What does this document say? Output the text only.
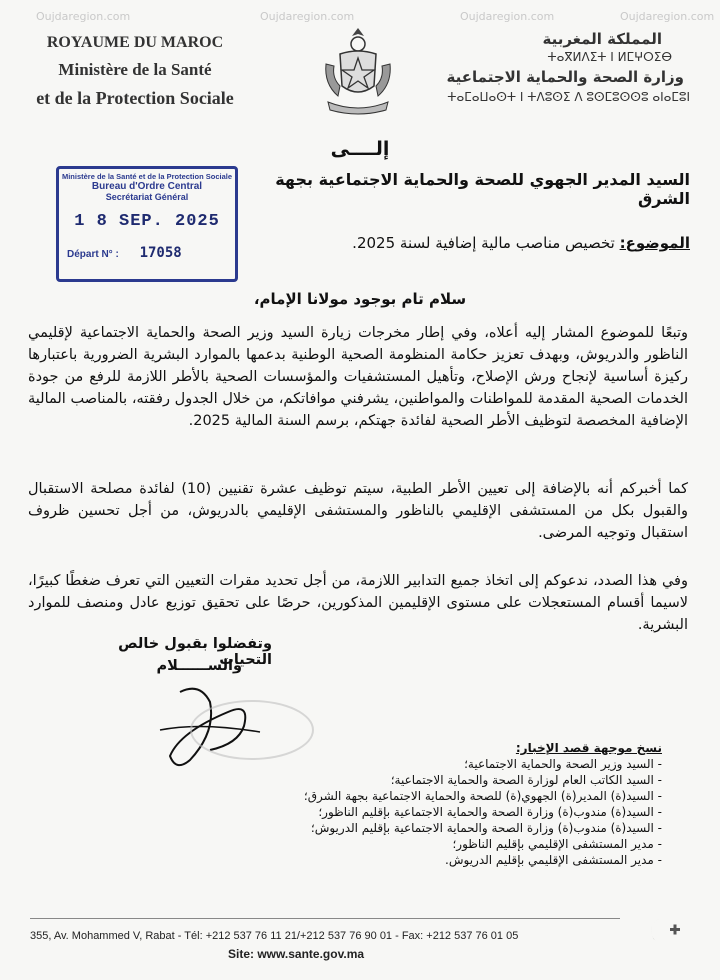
Oujdaregion.com	Oujdaregion.com	Oujdaregion.com	Oujdaregion.com
ROYAUME DU MAROC
Ministère de la Santé
et de la Protection Sociale
المملكة المغربية
ⵜⴰⴳⵍⴷⵉⵜ ⵏ ⵍⵎⵖⵔⵉⴱ
وزارة الصحة والحماية الاجتماعية
ⵜⴰⵎⴰⵡⴰⵙⵜ ⵏ ⵜⴷⵓⵙⵉ ⴷ ⵓⵙⵎⵓⵙⵙⵓ ⴰⵏⴰⵎⵓⵏ
إلــــى
السيد المدير الجهوي للصحة والحماية الاجتماعية بجهة الشرق
Ministère de la Santé et de la Protection Sociale
Bureau d'Ordre Central
Secrétariat Général
1 8 SEP. 2025
Départ N° : 17058
الموضوع: تخصيص مناصب مالية إضافية لسنة 2025.
سلام تام بوجود مولانا الإمام،
وتبعًا للموضوع المشار إليه أعلاه، وفي إطار مخرجات زيارة السيد وزير الصحة والحماية الاجتماعية لإقليمي الناظور والدريوش، وبهدف تعزيز حكامة المنظومة الصحية الوطنية بدعمها بالموارد البشرية الضرورية باعتبارها ركيزة أساسية لإنجاح ورش الإصلاح، وتأهيل المستشفيات والمؤسسات الصحية بالأطر اللازمة للرفع من جودة الخدمات الصحية المقدمة للمواطنات والمواطنين، يشرفني موافاتكم، من خلال الجدول رفقته، بالمناصب المالية الإضافية المخصصة لتوظيف الأطر الصحية لفائدة جهتكم، برسم السنة المالية 2025.
كما أخبركم أنه بالإضافة إلى تعيين الأطر الطبية، سيتم توظيف عشرة تقنيين (10) لفائدة مصلحة الاستقبال والقبول بكل من المستشفى الإقليمي بالناظور والمستشفى الإقليمي بالدريوش، من أجل تحسين ظروف استقبال وتوجيه المرضى.
وفي هذا الصدد، ندعوكم إلى اتخاذ جميع التدابير اللازمة، من أجل تحديد مقرات التعيين التي تعرف ضغطًا كبيرًا، لاسيما أقسام المستعجلات على مستوى الإقليمين المذكورين، حرصًا على تحقيق توزيع عادل ومنصف للموارد البشرية.
وتفضلوا بقبول خالص التحيات
والســــــلام
نسخ موجهة قصد الإخبار:
- السيد وزير الصحة والحماية الاجتماعية؛
- السيد الكاتب العام لوزارة الصحة والحماية الاجتماعية؛
- السيد(ة) المدير(ة) الجهوي(ة) للصحة والحماية الاجتماعية بجهة الشرق؛
- السيد(ة) مندوب(ة) وزارة الصحة والحماية الاجتماعية بإقليم الناظور؛
- السيد(ة) مندوب(ة) وزارة الصحة والحماية الاجتماعية بإقليم الدريوش؛
- مدير المستشفى الإقليمي بإقليم الناظور؛
- مدير المستشفى الإقليمي بإقليم الدريوش.
355, Av. Mohammed V, Rabat - Tél: +212 537 76 11 21/+212 537 76 90 01 - Fax: +212 537 76 01 05
Site: www.sante.gov.ma
